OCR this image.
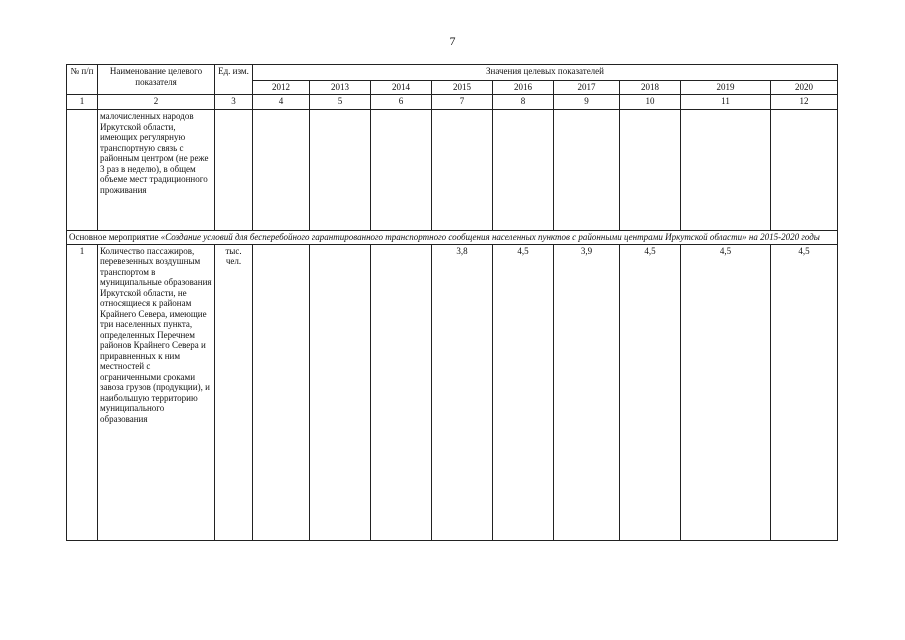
7
№ п/п	Наименование целевого показателя	Ед. изм.	Значения целевых показателей								
			2012	2013	2014	2015	2016	2017	2018	2019	2020
1	2	3	4	5	6	7	8	9	10	11	12
	малочисленных народов Иркутской области, имеющих регулярную транспортную связь с районным центром (не реже 3 раз в неделю), в общем объеме мест традиционного проживания										
Основное мероприятие «Создание условий для бесперебойного гарантированного транспортного сообщения населенных пунктов с районными центрами Иркутской области» на 2015-2020 годы											
1	Количество пассажиров, перевезенных воздушным транспортом в муниципальные образования Иркутской области, не относящиеся к районам Крайнего Севера, имеющие три населенных пункта, определенных Перечнем районов Крайнего Севера и приравненных к ним местностей с ограниченными сроками завоза грузов (продукции), и наибольшую территорию муниципального образования	тыс. чел.				3,8	4,5	3,9	4,5	4,5	4,5
